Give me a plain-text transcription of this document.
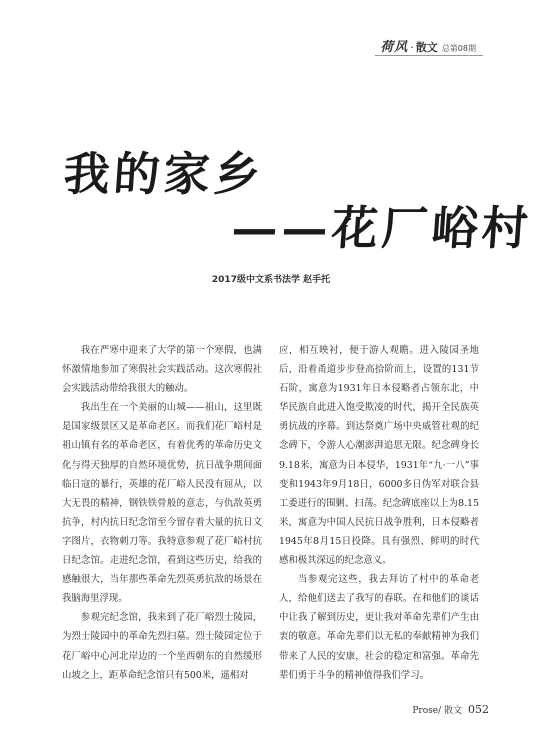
荷风 · 散文 总第08期
我的家乡
——花厂峪村
2017级中文系书法学 赵手托

我在严寒中迎来了大学的第一个寒假，也满怀激情地参加了寒假社会实践活动。这次寒假社会实践活动带给我很大的触动。

我出生在一个美丽的山城——祖山，这里既是国家级景区又是革命老区。而我们花厂峪村是祖山镇有名的革命老区，有着优秀的革命历史文化与得天独厚的自然环境优势，抗日战争期间面临日寇的暴行，英雄的花厂峪人民没有屈从，以大无畏的精神，钢铁铁骨般的意志，与仇敌英勇抗争，村内抗日纪念馆至今留存着大量的抗日文字图片，衣物刺刀等。我特意参观了花厂峪村抗日纪念馆。走进纪念馆，看到这些历史，给我的感触很大，当年那些革命先烈英勇抗敌的场景在我脑海里浮现。

参观完纪念馆，我来到了花厂峪烈士陵园，为烈士陵园中的革命先烈扫墓。烈士陵园定位于花厂峪中心河北岸边的一个坐西朝东的自然缓形山坡之上，距革命纪念馆只有500米，遥相对

应，相互映衬，便于游人观瞻。进入陵园圣地后，沿着甬道步步登高拾阶而上，设置的131节石阶，寓意为1931年日本侵略者占领东北，中华民族自此进入饱受欺凌的时代，揭开全民族英勇抗战的序幕。到达祭奠广场中央威管社观的纪念碑下，令游人心潮澎湃追思无限。纪念碑身长9.18米，寓意为日本侵华，1931年“九·一八”事变和1943年9月18日，6000多日伪军对联合县工委进行的围剿、扫荡。纪念碑底座以上为8.15米，寓意为中国人民抗日战争胜利，日本侵略者1945年8月15日投降。具有强烈、鲜明的时代感和极其深远的纪念意义。

当参观完这些，我去拜访了村中的革命老人，给他们送去了我写的春联。在和他们的谈话中让我了解到历史，更让我对革命先辈们产生由衷的敬意。革命先辈们以无私的奉献精神为我们带来了人民的安康，社会的稳定和富强。革命先辈们勇于斗争的精神值得我们学习。

Prose/ 散文 052
